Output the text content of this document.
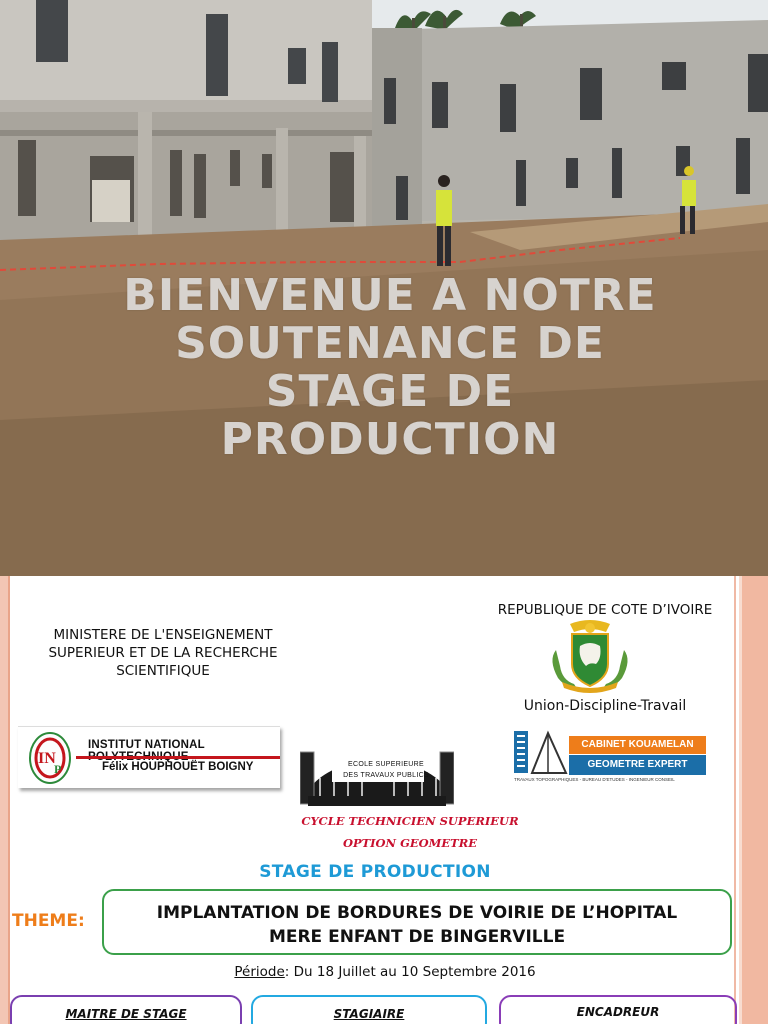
BIENVENUE A NOTRE
SOUTENANCE DE
STAGE DE
PRODUCTION
MINISTERE DE L'ENSEIGNEMENT
SUPERIEUR ET DE LA RECHERCHE
SCIENTIFIQUE
REPUBLIQUE DE COTE D’IVOIRE
Union-Discipline-Travail
IN
P
INSTITUT NATIONAL
Félix HOUPHOUËT BOIGNY	ECOLE SUPERIEURE
DES TRAVAUX PUBLICS
CABINET KOUAMELAN
GEOMETRE EXPERT
TRAVAUX TOPOGRAPHIQUES - BUREAU D'ETUDES - INGENIEUR CONSEIL
CYCLE TECHNICIEN SUPERIEUR
OPTION GEOMETRE
STAGE DE PRODUCTION
THEME:	IMPLANTATION DE BORDURES DE VOIRIE DE L’HOPITAL
MERE ENFANT DE BINGERVILLE
Période: Du 18 Juillet au 10 Septembre 2016
MAITRE DE STAGE	STAGIAIRE	ENCADREUR
